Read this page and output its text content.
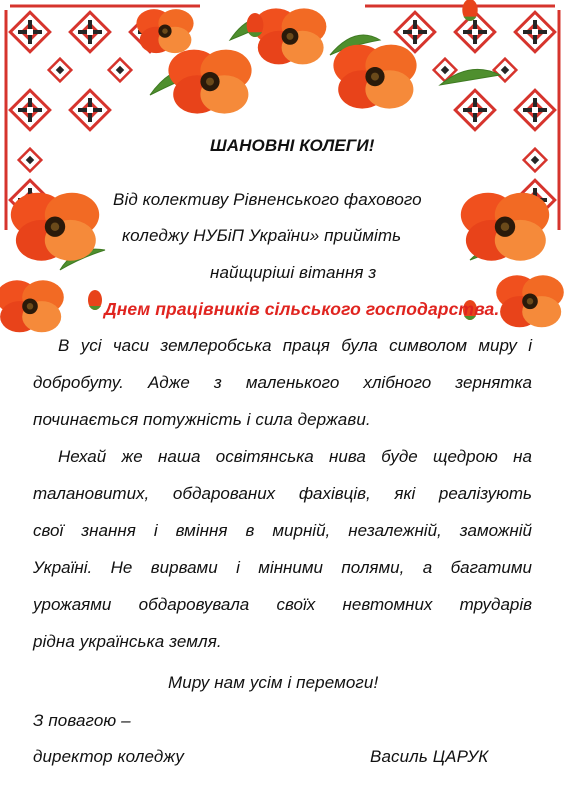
ШАНОВНІ КОЛЕГИ!

Від колективу Рівненського фахового

коледжу НУБіП України» прийміть

найщиріші вітання з

Днем працівників сільського господарства.

В усі часи землеробська праця була символом миру і

добробуту. Адже з маленького хлібного зернятка

починається потужність і сила держави.

Нехай же наша освітянська нива буде щедрою на

талановитих, обдарованих фахівців, які реалізують

свої знання і вміння в мирній, незалежній, заможній

Україні. Не вирвами і мінними полями, а багатими

урожаями обдаровувала своїх невтомних трударів

рідна українська земля.

Миру нам усім і перемоги!

З повагою –

директор коледжу	Василь ЦАРУК
